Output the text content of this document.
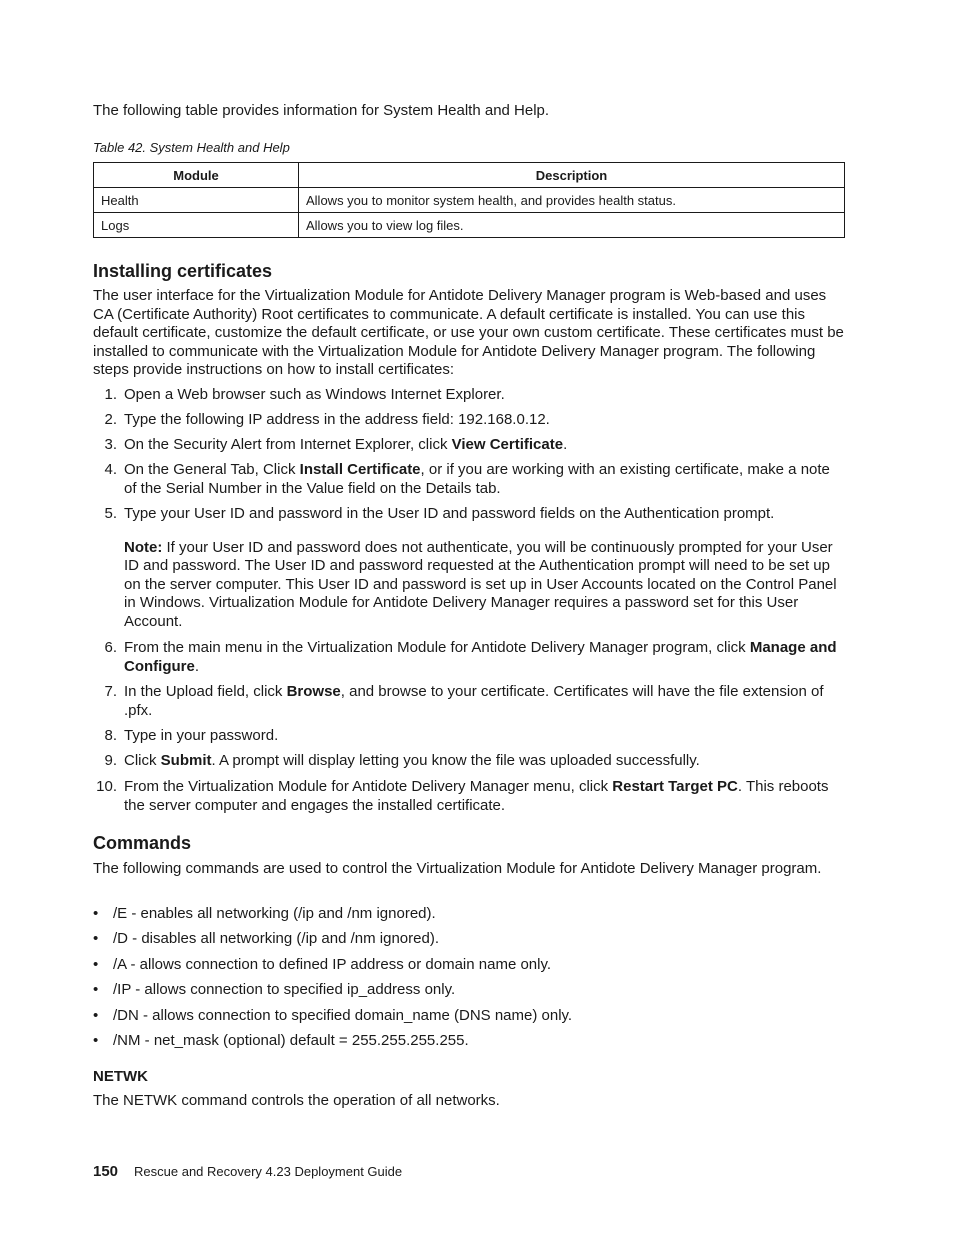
The following table provides information for System Health and Help.

Table 42. System Health and Help
Module	Description
Health	Allows you to monitor system health, and provides health status.
Logs	Allows you to view log files.
Installing certificates

The user interface for the Virtualization Module for Antidote Delivery Manager program is Web-based and uses CA (Certificate Authority) Root certificates to communicate. A default certificate is installed. You can use this default certificate, customize the default certificate, or use your own custom certificate. These certificates must be installed to communicate with the Virtualization Module for Antidote Delivery Manager program. The following steps provide instructions on how to install certificates:

1. Open a Web browser such as Windows Internet Explorer.
2. Type the following IP address in the address field: 192.168.0.12.
3. On the Security Alert from Internet Explorer, click View Certificate.
4. On the General Tab, Click Install Certificate, or if you are working with an existing certificate, make a note of the Serial Number in the Value field on the Details tab.
5. Type your User ID and password in the User ID and password fields on the Authentication prompt.
Note: If your User ID and password does not authenticate, you will be continuously prompted for your User ID and password. The User ID and password requested at the Authentication prompt will need to be set up on the server computer. This User ID and password is set up in User Accounts located on the Control Panel in Windows. Virtualization Module for Antidote Delivery Manager requires a password set for this User Account.
6. From the main menu in the Virtualization Module for Antidote Delivery Manager program, click Manage and Configure.
7. In the Upload field, click Browse, and browse to your certificate. Certificates will have the file extension of .pfx.
8. Type in your password.
9. Click Submit. A prompt will display letting you know the file was uploaded successfully.
10. From the Virtualization Module for Antidote Delivery Manager menu, click Restart Target PC. This reboots the server computer and engages the installed certificate.
Commands

The following commands are used to control the Virtualization Module for Antidote Delivery Manager program.

• /E - enables all networking (/ip and /nm ignored).
• /D - disables all networking (/ip and /nm ignored).
• /A - allows connection to defined IP address or domain name only.
• /IP - allows connection to specified ip_address only.
• /DN - allows connection to specified domain_name (DNS name) only.
• /NM - net_mask (optional) default = 255.255.255.255.
NETWK

The NETWK command controls the operation of all networks.

150 Rescue and Recovery 4.23 Deployment Guide
